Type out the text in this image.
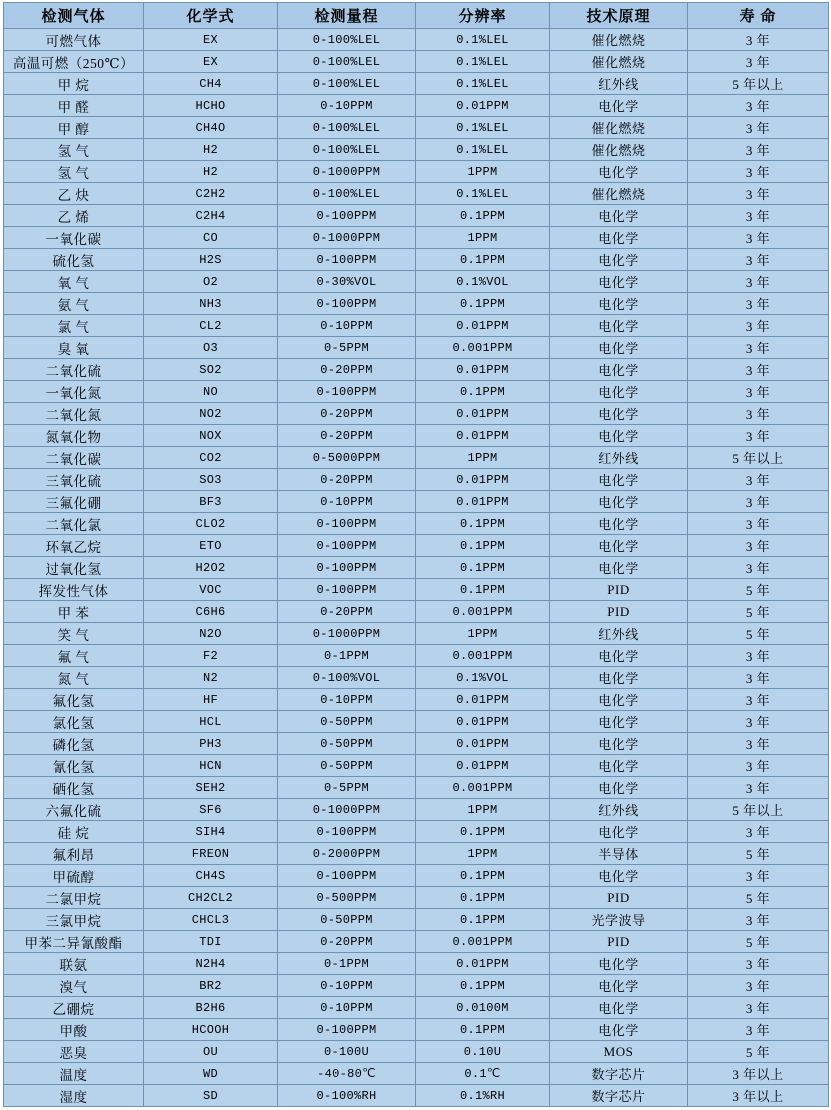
检测气体	化学式	检测量程	分辨率	技术原理	寿 命
可燃气体	EX	0-100%LEL	0.1%LEL	催化燃烧	3 年
高温可燃（250℃）	EX	0-100%LEL	0.1%LEL	催化燃烧	3 年
甲 烷	CH4	0-100%LEL	0.1%LEL	红外线	5 年以上
甲 醛	HCHO	0-10PPM	0.01PPM	电化学	3 年
甲 醇	CH4O	0-100%LEL	0.1%LEL	催化燃烧	3 年
氢 气	H2	0-100%LEL	0.1%LEL	催化燃烧	3 年
氢 气	H2	0-1000PPM	1PPM	电化学	3 年
乙 炔	C2H2	0-100%LEL	0.1%LEL	催化燃烧	3 年
乙 烯	C2H4	0-100PPM	0.1PPM	电化学	3 年
一氧化碳	CO	0-1000PPM	1PPM	电化学	3 年
硫化氢	H2S	0-100PPM	0.1PPM	电化学	3 年
氧 气	O2	0-30%VOL	0.1%VOL	电化学	3 年
氨 气	NH3	0-100PPM	0.1PPM	电化学	3 年
氯 气	CL2	0-10PPM	0.01PPM	电化学	3 年
臭 氧	O3	0-5PPM	0.001PPM	电化学	3 年
二氧化硫	SO2	0-20PPM	0.01PPM	电化学	3 年
一氧化氮	NO	0-100PPM	0.1PPM	电化学	3 年
二氧化氮	NO2	0-20PPM	0.01PPM	电化学	3 年
氮氧化物	NOX	0-20PPM	0.01PPM	电化学	3 年
二氧化碳	CO2	0-5000PPM	1PPM	红外线	5 年以上
三氧化硫	SO3	0-20PPM	0.01PPM	电化学	3 年
三氟化硼	BF3	0-10PPM	0.01PPM	电化学	3 年
二氧化氯	CLO2	0-100PPM	0.1PPM	电化学	3 年
环氧乙烷	ETO	0-100PPM	0.1PPM	电化学	3 年
过氧化氢	H2O2	0-100PPM	0.1PPM	电化学	3 年
挥发性气体	VOC	0-100PPM	0.1PPM	PID	5 年
甲 苯	C6H6	0-20PPM	0.001PPM	PID	5 年
笑 气	N2O	0-1000PPM	1PPM	红外线	5 年
氟 气	F2	0-1PPM	0.001PPM	电化学	3 年
氮 气	N2	0-100%VOL	0.1%VOL	电化学	3 年
氟化氢	HF	0-10PPM	0.01PPM	电化学	3 年
氯化氢	HCL	0-50PPM	0.01PPM	电化学	3 年
磷化氢	PH3	0-50PPM	0.01PPM	电化学	3 年
氰化氢	HCN	0-50PPM	0.01PPM	电化学	3 年
硒化氢	SEH2	0-5PPM	0.001PPM	电化学	3 年
六氟化硫	SF6	0-1000PPM	1PPM	红外线	5 年以上
硅 烷	SIH4	0-100PPM	0.1PPM	电化学	3 年
氟利昂	FREON	0-2000PPM	1PPM	半导体	5 年
甲硫醇	CH4S	0-100PPM	0.1PPM	电化学	3 年
二氯甲烷	CH2CL2	0-500PPM	0.1PPM	PID	5 年
三氯甲烷	CHCL3	0-50PPM	0.1PPM	光学波导	3 年
甲苯二异氰酸酯	TDI	0-20PPM	0.001PPM	PID	5 年
联氨	N2H4	0-1PPM	0.01PPM	电化学	3 年
溴气	BR2	0-10PPM	0.1PPM	电化学	3 年
乙硼烷	B2H6	0-10PPM	0.0100M	电化学	3 年
甲酸	HCOOH	0-100PPM	0.1PPM	电化学	3 年
恶臭	OU	0-100U	0.10U	MOS	5 年
温度	WD	-40-80℃	0.1℃	数字芯片	3 年以上
湿度	SD	0-100%RH	0.1%RH	数字芯片	3 年以上
